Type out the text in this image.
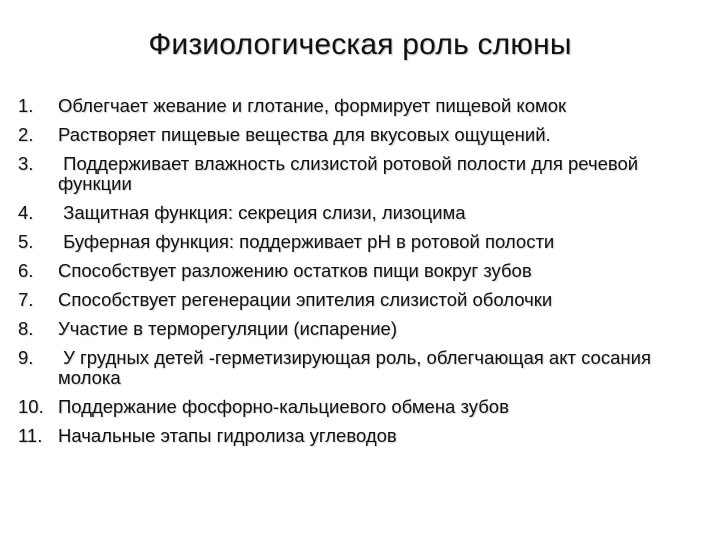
Физиологическая роль слюны
1. Облегчает жевание и глотание, формирует пищевой комок
2. Растворяет пищевые вещества для вкусовых ощущений.
3. Поддерживает влажность слизистой ротовой полости для речевой функции
4. Защитная функция: секреция слизи, лизоцима
5. Буферная функция: поддерживает pH в ротовой полости
6. Способствует разложению остатков пищи вокруг зубов
7. Способствует регенерации эпителия слизистой оболочки
8. Участие в терморегуляции (испарение)
9. У грудных детей -герметизирующая роль, облегчающая акт сосания молока
10. Поддержание фосфорно-кальциевого обмена зубов
11. Начальные этапы гидролиза углеводов
